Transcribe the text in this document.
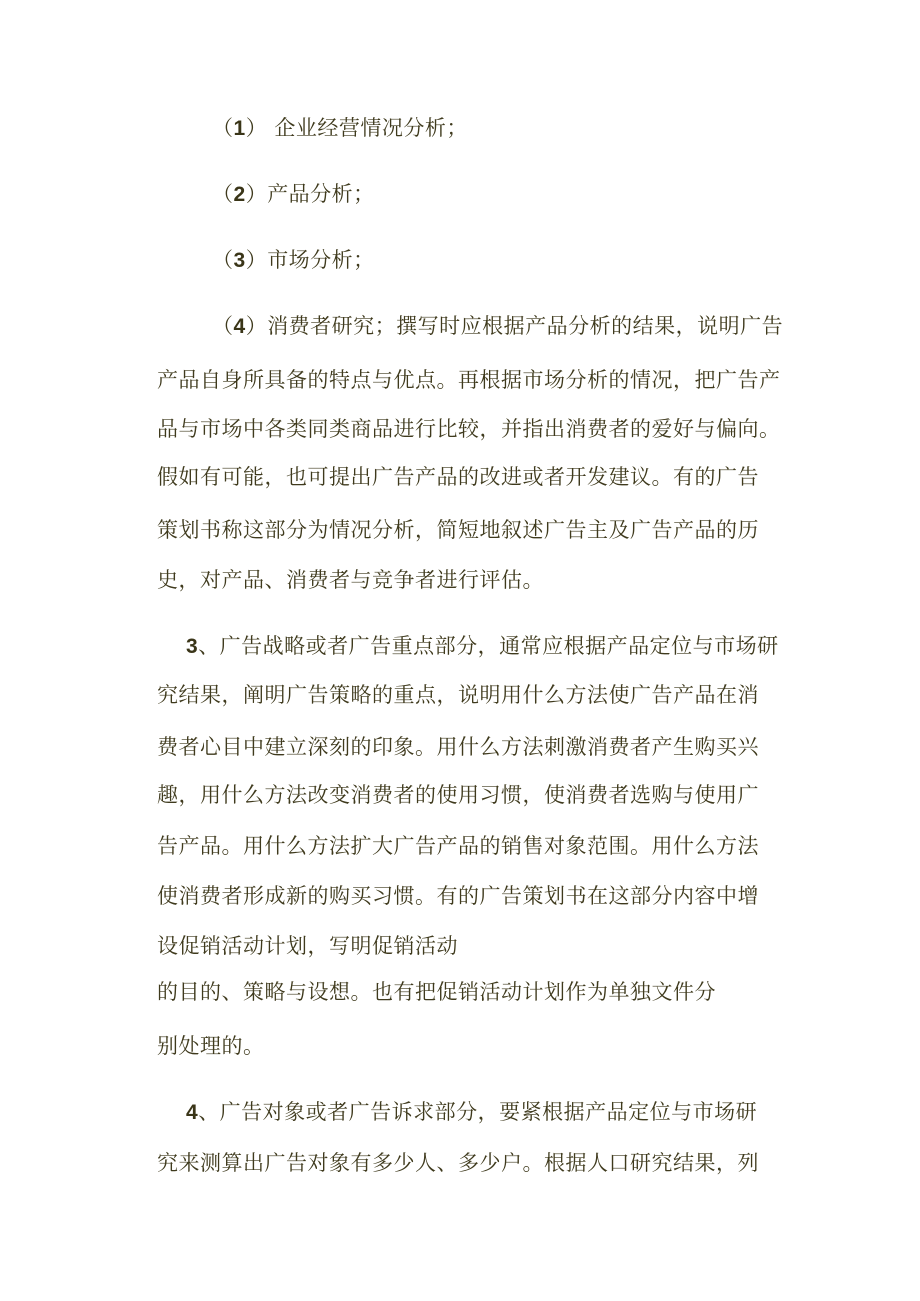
（1） 企业经营情况分析；
（2）产品分析；
（3）市场分析；
（4）消费者研究；撰写时应根据产品分析的结果，说明广告
产品自身所具备的特点与优点。再根据市场分析的情况，把广告产
品与市场中各类同类商品进行比较，并指出消费者的爱好与偏向。
假如有可能，也可提出广告产品的改进或者开发建议。有的广告
策划书称这部分为情况分析，简短地叙述广告主及广告产品的历
史，对产品、消费者与竞争者进行评估。
3、广告战略或者广告重点部分，通常应根据产品定位与市场研
究结果，阐明广告策略的重点，说明用什么方法使广告产品在消
费者心目中建立深刻的印象。用什么方法刺激消费者产生购买兴
趣，用什么方法改变消费者的使用习惯，使消费者选购与使用广
告产品。用什么方法扩大广告产品的销售对象范围。用什么方法
使消费者形成新的购买习惯。有的广告策划书在这部分内容中增
设促销活动计划，写明促销活动
的目的、策略与设想。也有把促销活动计划作为单独文件分
别处理的。
4、广告对象或者广告诉求部分，要紧根据产品定位与市场研
究来测算出广告对象有多少人、多少户。根据人口研究结果，列
